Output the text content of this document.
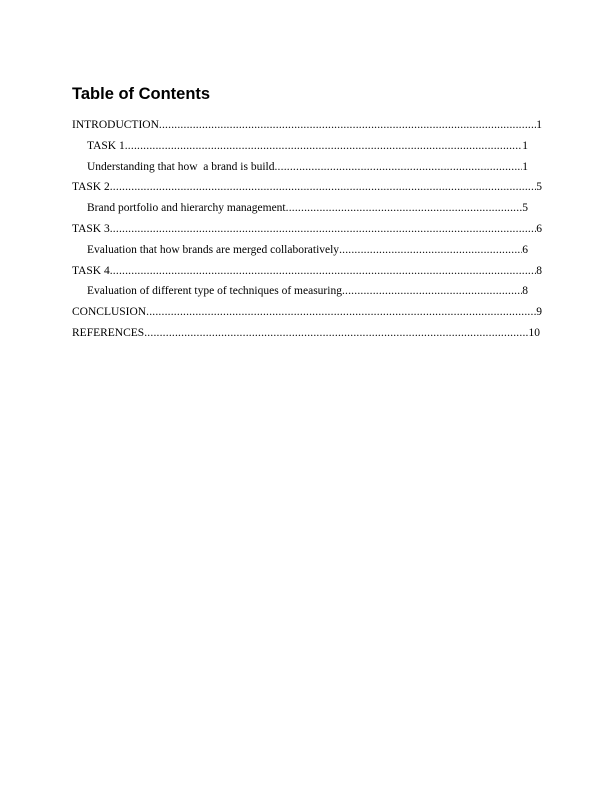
Table of Contents
INTRODUCTION .....	1
TASK 1 .....	1
Understanding that how  a brand is build .....	1
TASK 2 .....	5
Brand portfolio and hierarchy management .....	5
TASK 3 .....	6
Evaluation that how brands are merged collaboratively .....	6
TASK 4 .....	8
Evaluation of different type of techniques of measuring .....	8
CONCLUSION .....	9
REFERENCES .....	10
